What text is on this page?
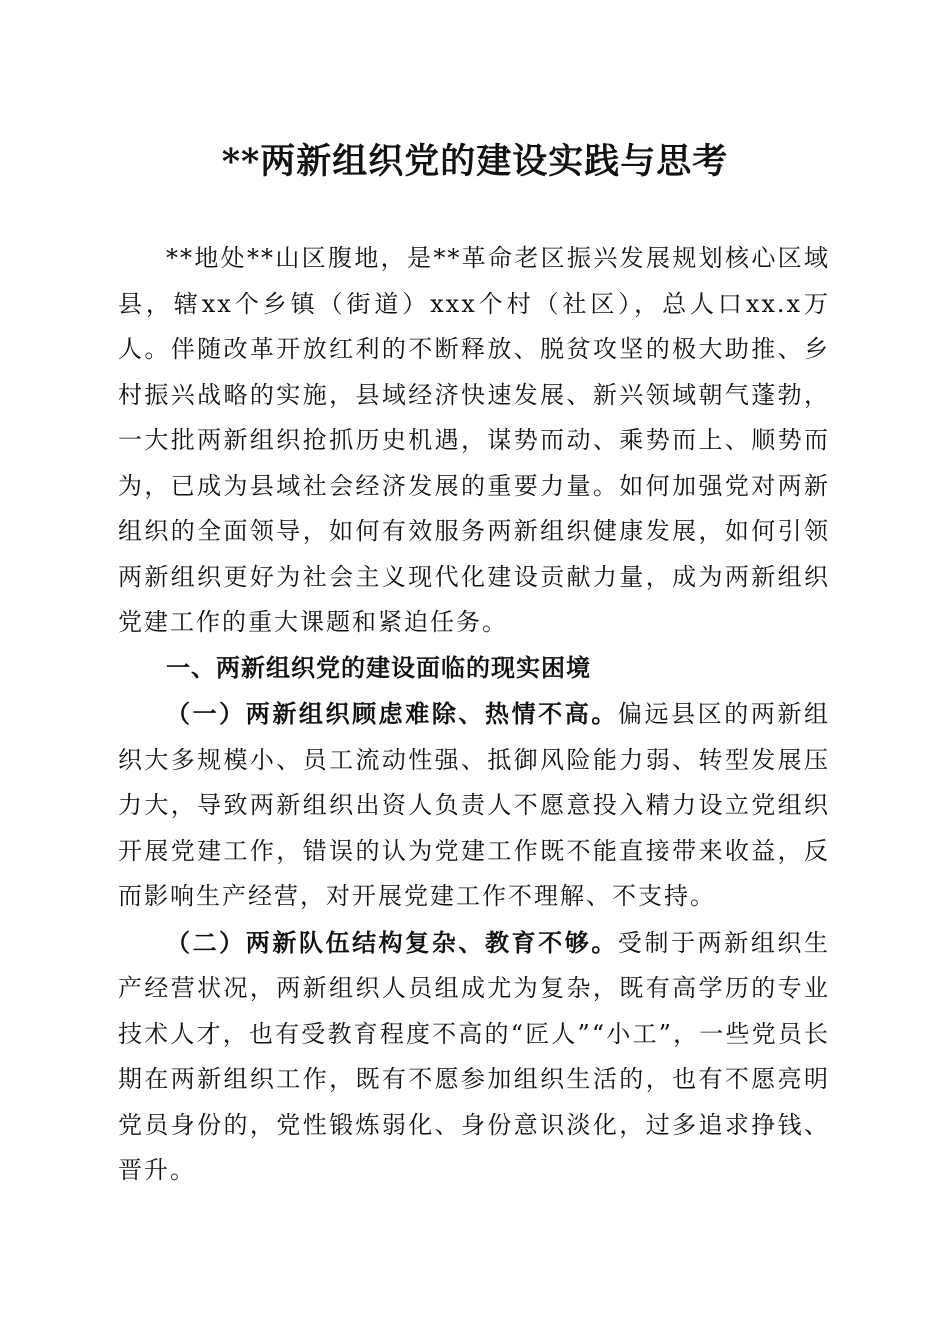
**两新组织党的建设实践与思考

**地处**山区腹地，是**革命老区振兴发展规划核心区域县，辖xx个乡镇（街道）xxx个村（社区），总人口xx.x万人。伴随改革开放红利的不断释放、脱贫攻坚的极大助推、乡村振兴战略的实施，县域经济快速发展、新兴领域朝气蓬勃，一大批两新组织抢抓历史机遇，谋势而动、乘势而上、顺势而为，已成为县域社会经济发展的重要力量。如何加强党对两新组织的全面领导，如何有效服务两新组织健康发展，如何引领两新组织更好为社会主义现代化建设贡献力量，成为两新组织党建工作的重大课题和紧迫任务。

一、两新组织党的建设面临的现实困境

（一）两新组织顾虑难除、热情不高。偏远县区的两新组织大多规模小、员工流动性强、抵御风险能力弱、转型发展压力大，导致两新组织出资人负责人不愿意投入精力设立党组织开展党建工作，错误的认为党建工作既不能直接带来收益，反而影响生产经营，对开展党建工作不理解、不支持。

（二）两新队伍结构复杂、教育不够。受制于两新组织生产经营状况，两新组织人员组成尤为复杂，既有高学历的专业技术人才，也有受教育程度不高的“匠人”“小工”，一些党员长期在两新组织工作，既有不愿参加组织生活的，也有不愿亮明党员身份的，党性锻炼弱化、身份意识淡化，过多追求挣钱、晋升。
